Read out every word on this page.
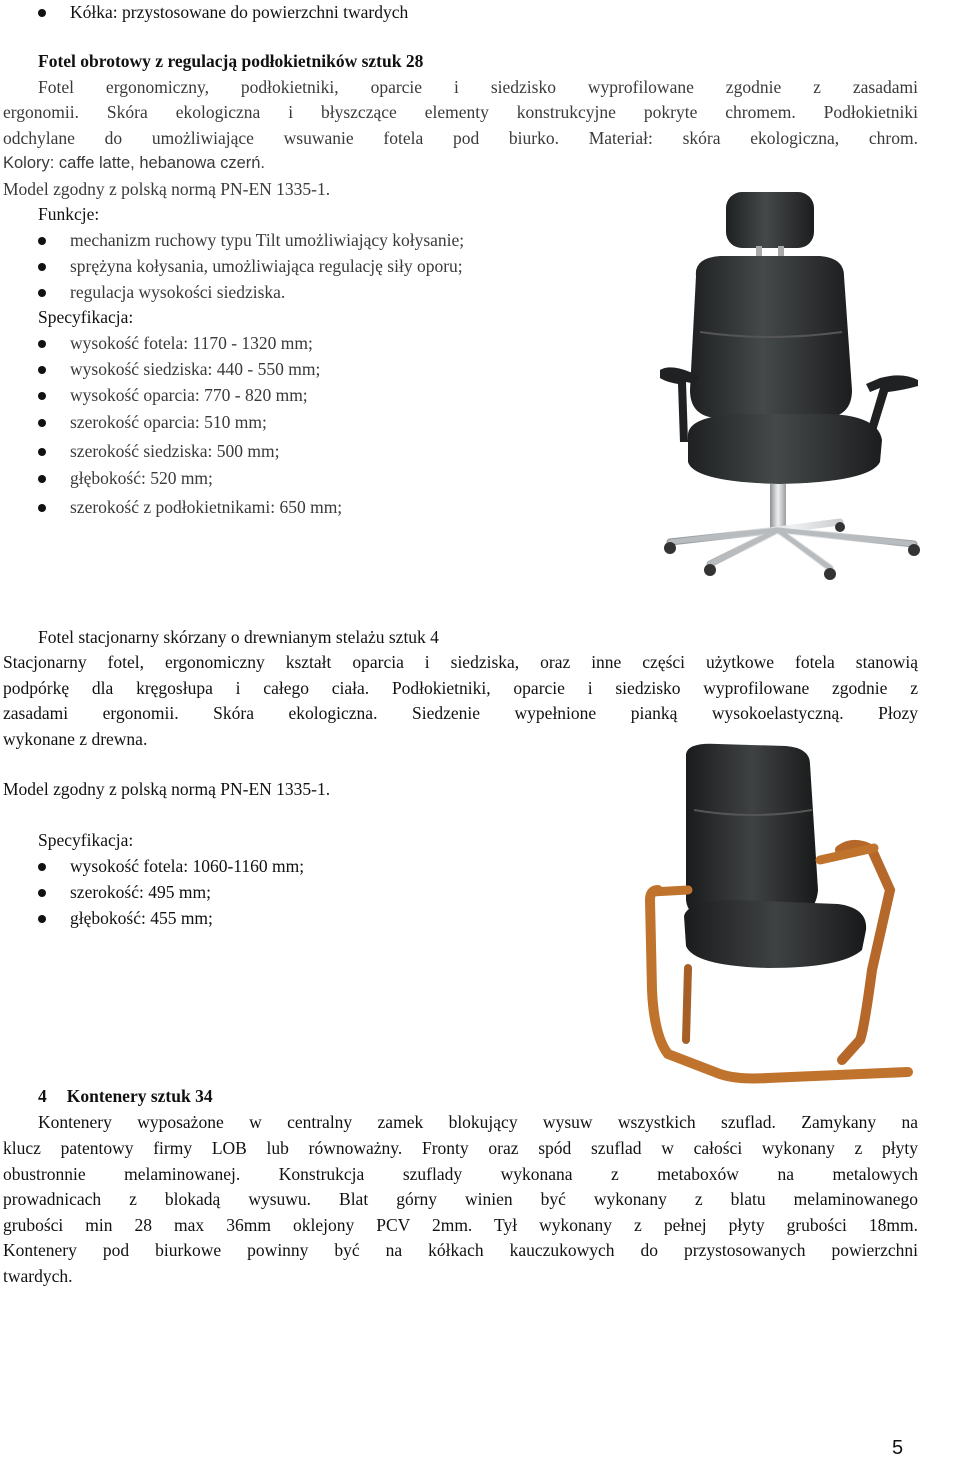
Kółka: przystosowane do powierzchni twardych
Fotel obrotowy z regulacją podłokietników sztuk 28
Fotel ergonomiczny, podłokietniki, oparcie i siedzisko wyprofilowane zgodnie z zasadami
ergonomii. Skóra ekologiczna i błyszczące elementy konstrukcyjne pokryte chromem. Podłokietniki
odchylane do umożliwiające wsuwanie fotela pod biurko. Materiał: skóra ekologiczna, chrom.
Kolory: caffe latte, hebanowa czerń.
Model zgodny z polską normą PN-EN 1335-1.
Funkcje:
mechanizm ruchowy typu Tilt umożliwiający kołysanie;
sprężyna kołysania, umożliwiająca regulację siły oporu;
regulacja wysokości siedziska.
Specyfikacja:
wysokość fotela: 1170 - 1320 mm;
wysokość siedziska: 440 - 550 mm;
wysokość oparcia: 770 - 820 mm;
szerokość oparcia: 510 mm;
szerokość siedziska: 500 mm;
głębokość: 520 mm;
szerokość z podłokietnikami: 650 mm;
Fotel stacjonarny skórzany o drewnianym stelażu sztuk 4
Stacjonarny fotel, ergonomiczny kształt oparcia i siedziska, oraz inne części użytkowe fotela stanowią
podpórkę dla kręgosłupa i całego ciała. Podłokietniki, oparcie i siedzisko wyprofilowane zgodnie z
zasadami ergonomii. Skóra ekologiczna. Siedzenie wypełnione pianką wysokoelastyczną. Płozy
wykonane z drewna.
Model zgodny z polską normą PN-EN 1335-1.
Specyfikacja:
wysokość fotela: 1060-1160 mm;
szerokość: 495 mm;
głębokość: 455 mm;
4 Kontenery sztuk 34
Kontenery wyposażone w centralny zamek blokujący wysuw wszystkich szuflad. Zamykany na
klucz patentowy firmy LOB lub równoważny. Fronty oraz spód szuflad w całości wykonany z płyty
obustronnie melaminowanej. Konstrukcja szuflady wykonana z metaboxów na metalowych
prowadnicach z blokadą wysuwu. Blat górny winien być wykonany z blatu melaminowanego
grubości min 28 max 36mm oklejony PCV 2mm. Tył wykonany z pełnej płyty grubości 18mm.
Kontenery pod biurkowe powinny być na kółkach kauczukowych do przystosowanych powierzchni
twardych.
5
